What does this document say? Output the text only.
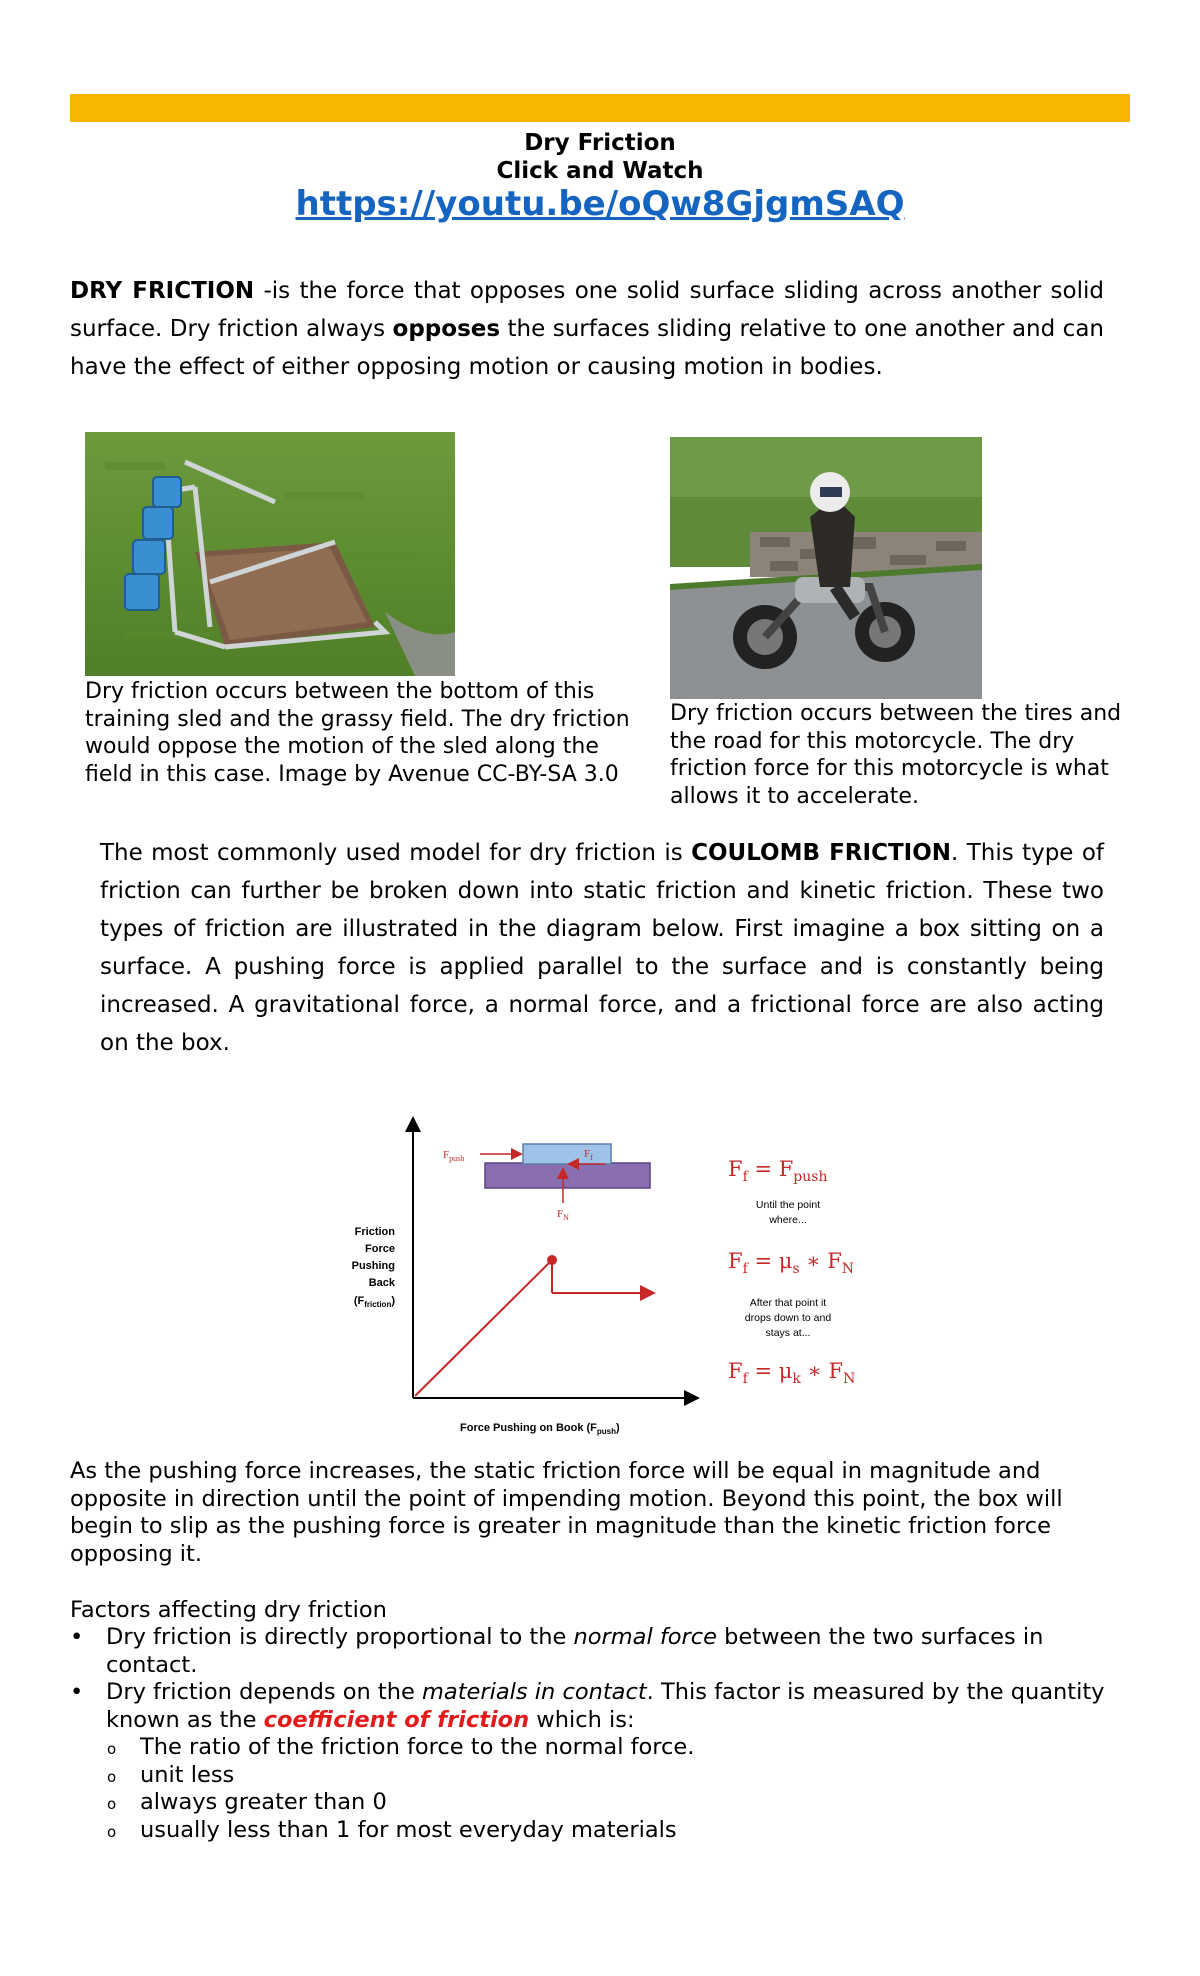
Dry Friction
Click and Watch
https://youtu.be/oQw8GjgmSAQ
DRY FRICTION -is the force that opposes one solid surface sliding across another solid surface. Dry friction always opposes the surfaces sliding relative to one another and can have the effect of either opposing motion or causing motion in bodies.
Dry friction occurs between the bottom of this training sled and the grassy field. The dry friction would oppose the motion of the sled along the field in this case. Image by Avenue CC-BY-SA 3.0
Dry friction occurs between the tires and the road for this motorcycle. The dry friction force for this motorcycle is what allows it to accelerate.
The most commonly used model for dry friction is COULOMB FRICTION. This type of friction can further be broken down into static friction and kinetic friction. These two types of friction are illustrated in the diagram below. First imagine a box sitting on a surface. A pushing force is applied parallel to the surface and is constantly being increased. A gravitational force, a normal force, and a frictional force are also acting on the box.
Friction
Force
Pushing
Back
$(F_{friction})$
Force Pushing on Book $(F_{push})$
$F_{push}$	$F_f$
$F_N$
$F_f = F_{push}$
$F_f = \mu_s$ ∗ $F_N$
$F_f = \mu_k$ ∗ $F_N$
Until the point
where...
After that point it
drops down to and
stays at...
As the pushing force increases, the static friction force will be equal in magnitude and opposite in direction until the point of impending motion. Beyond this point, the box will begin to slip as the pushing force is greater in magnitude than the kinetic friction force opposing it.
Factors affecting dry friction
• Dry friction is directly proportional to the normal force between the two surfaces in contact.
• Dry friction depends on the materials in contact. This factor is measured by the quantity known as the coefficient of friction which is:
o The ratio of the friction force to the normal force.
o unit less
o always greater than 0
o usually less than 1 for most everyday materials
